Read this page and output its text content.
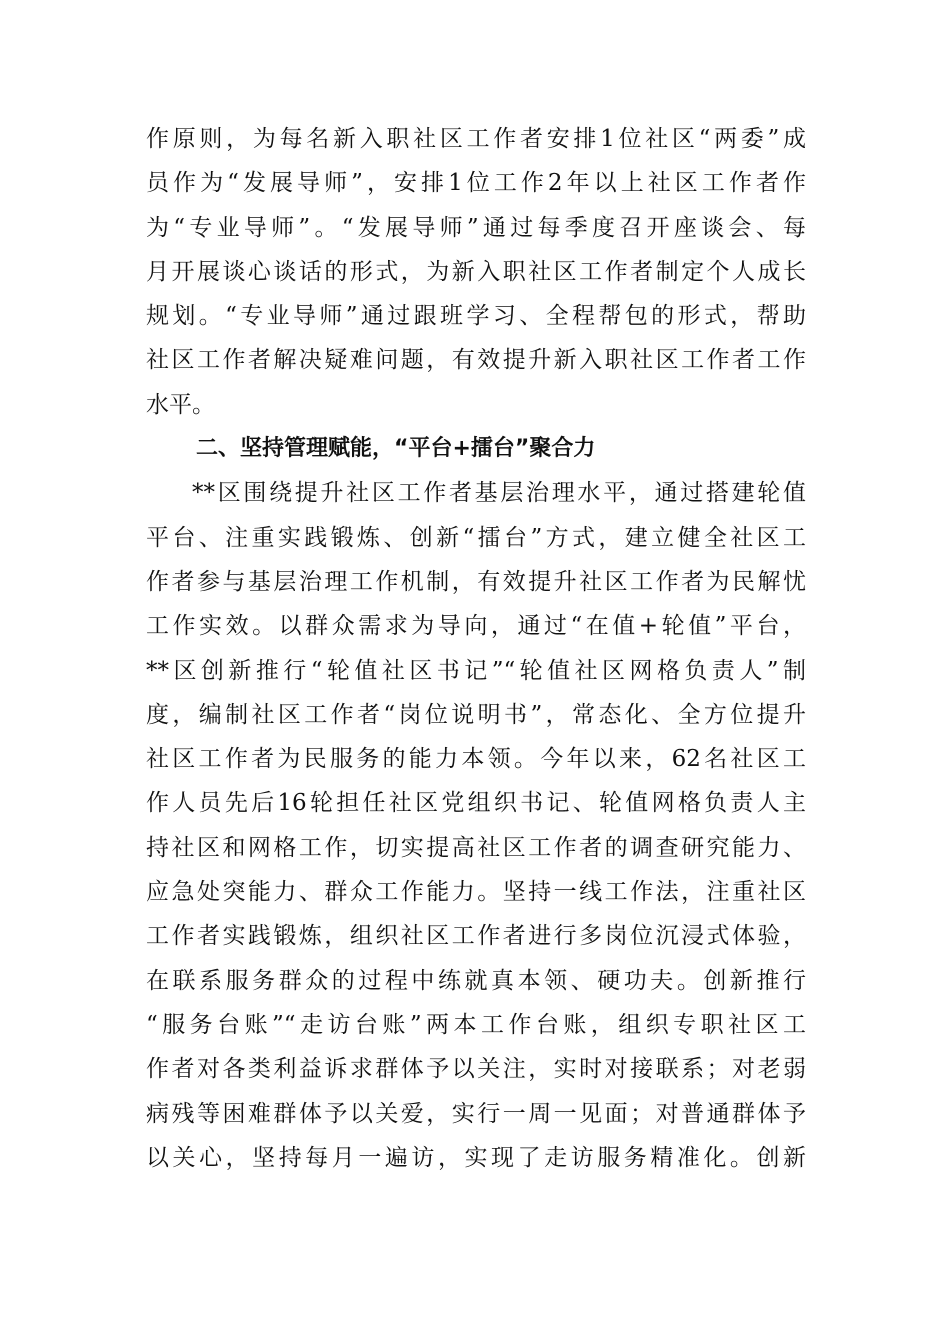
作原则，为每名新入职社区工作者安排1位社区“两委”成
员作为“发展导师”，安排1位工作2年以上社区工作者作
为“专业导师”。“发展导师”通过每季度召开座谈会、每
月开展谈心谈话的形式，为新入职社区工作者制定个人成长
规划。“专业导师”通过跟班学习、全程帮包的形式，帮助
社区工作者解决疑难问题，有效提升新入职社区工作者工作
水平。
二、坚持管理赋能，“平台+擂台”聚合力
**区围绕提升社区工作者基层治理水平，通过搭建轮值
平台、注重实践锻炼、创新“擂台”方式，建立健全社区工
作者参与基层治理工作机制，有效提升社区工作者为民解忧
工作实效。以群众需求为导向，通过“在值+轮值”平台，
**区创新推行“轮值社区书记”“轮值社区网格负责人”制
度，编制社区工作者“岗位说明书”，常态化、全方位提升
社区工作者为民服务的能力本领。今年以来，62名社区工
作人员先后16轮担任社区党组织书记、轮值网格负责人主
持社区和网格工作，切实提高社区工作者的调查研究能力、
应急处突能力、群众工作能力。坚持一线工作法，注重社区
工作者实践锻炼，组织社区工作者进行多岗位沉浸式体验，
在联系服务群众的过程中练就真本领、硬功夫。创新推行
“服务台账”“走访台账”两本工作台账，组织专职社区工
作者对各类利益诉求群体予以关注，实时对接联系；对老弱
病残等困难群体予以关爱，实行一周一见面；对普通群体予
以关心，坚持每月一遍访，实现了走访服务精准化。创新
